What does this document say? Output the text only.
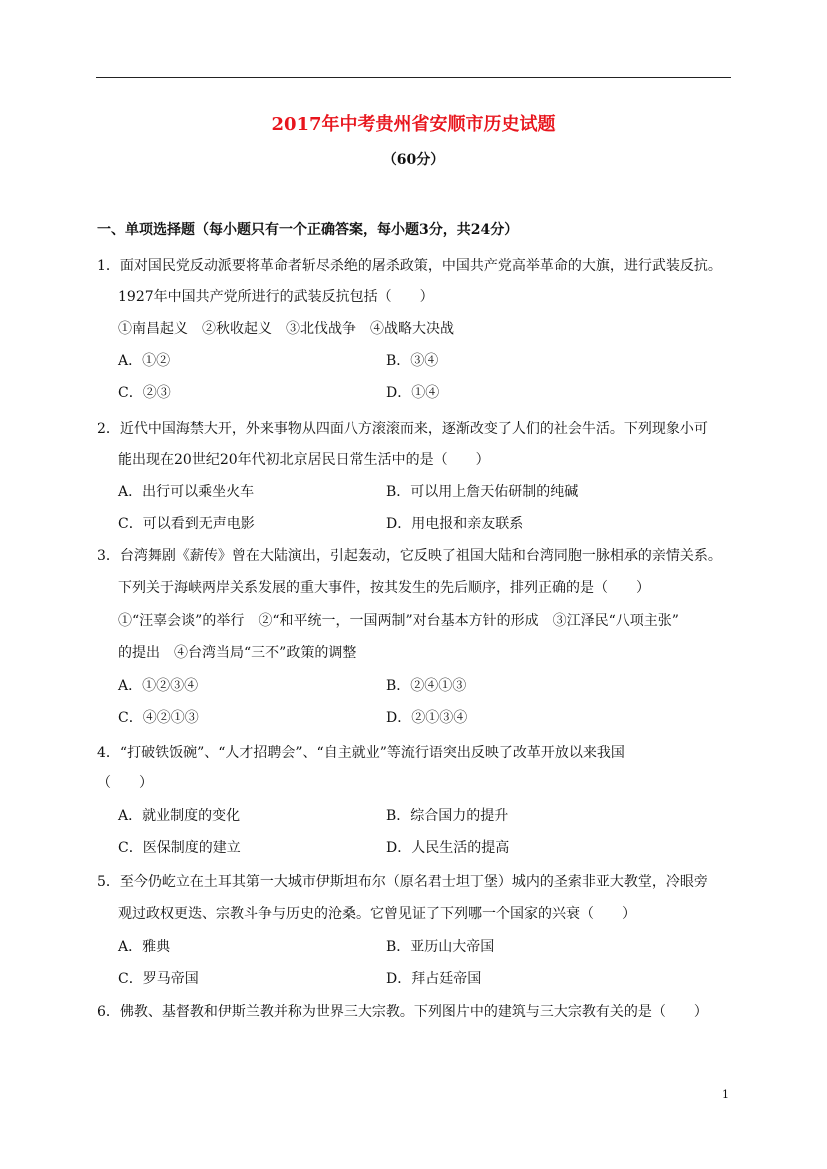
2017年中考贵州省安顺市历史试题
（60分）
一、单项选择题（每小题只有一个正确答案，每小题3分，共24分）
1．面对国民党反动派要将革命者斩尽杀绝的屠杀政策，中国共产党高举革命的大旗，进行武装反抗。
1927年中国共产党所进行的武装反抗包括（　　）
①南昌起义　②秋收起义　③北伐战争　④战略大决战
A．①②	B．③④
C．②③	D．①④
2．近代中国海禁大开，外来事物从四面八方滚滚而来，逐渐改变了人们的社会牛活。下列现象小可
能出现在20世纪20年代初北京居民日常生活中的是（　　）
A．出行可以乘坐火车	B．可以用上詹天佑研制的纯碱
C．可以看到无声电影	D．用电报和亲友联系
3．台湾舞剧《薪传》曾在大陆演出，引起轰动，它反映了祖国大陆和台湾同胞一脉相承的亲情关系。
下列关于海峡两岸关系发展的重大事件，按其发生的先后顺序，排列正确的是（　　）
①“汪辜会谈”的举行　②“和平统一，一国两制”对台基本方针的形成　③江泽民“八项主张”
的提出　④台湾当局“三不”政策的调整
A．①②③④	B．②④①③
C．④②①③	D．②①③④
4．“打破铁饭碗”、“人才招聘会”、“自主就业”等流行语突出反映了改革开放以来我国
（　　）
A．就业制度的变化	B．综合国力的提升
C．医保制度的建立	D．人民生活的提高
5．至今仍屹立在土耳其第一大城市伊斯坦布尔（原名君士坦丁堡）城内的圣索非亚大教堂，冷眼旁
观过政权更迭、宗教斗争与历史的沧桑。它曾见证了下列哪一个国家的兴衰（　　）
A．雅典	B．亚历山大帝国
C．罗马帝国	D．拜占廷帝国
6．佛教、基督教和伊斯兰教并称为世界三大宗教。下列图片中的建筑与三大宗教有关的是（　　）
1
